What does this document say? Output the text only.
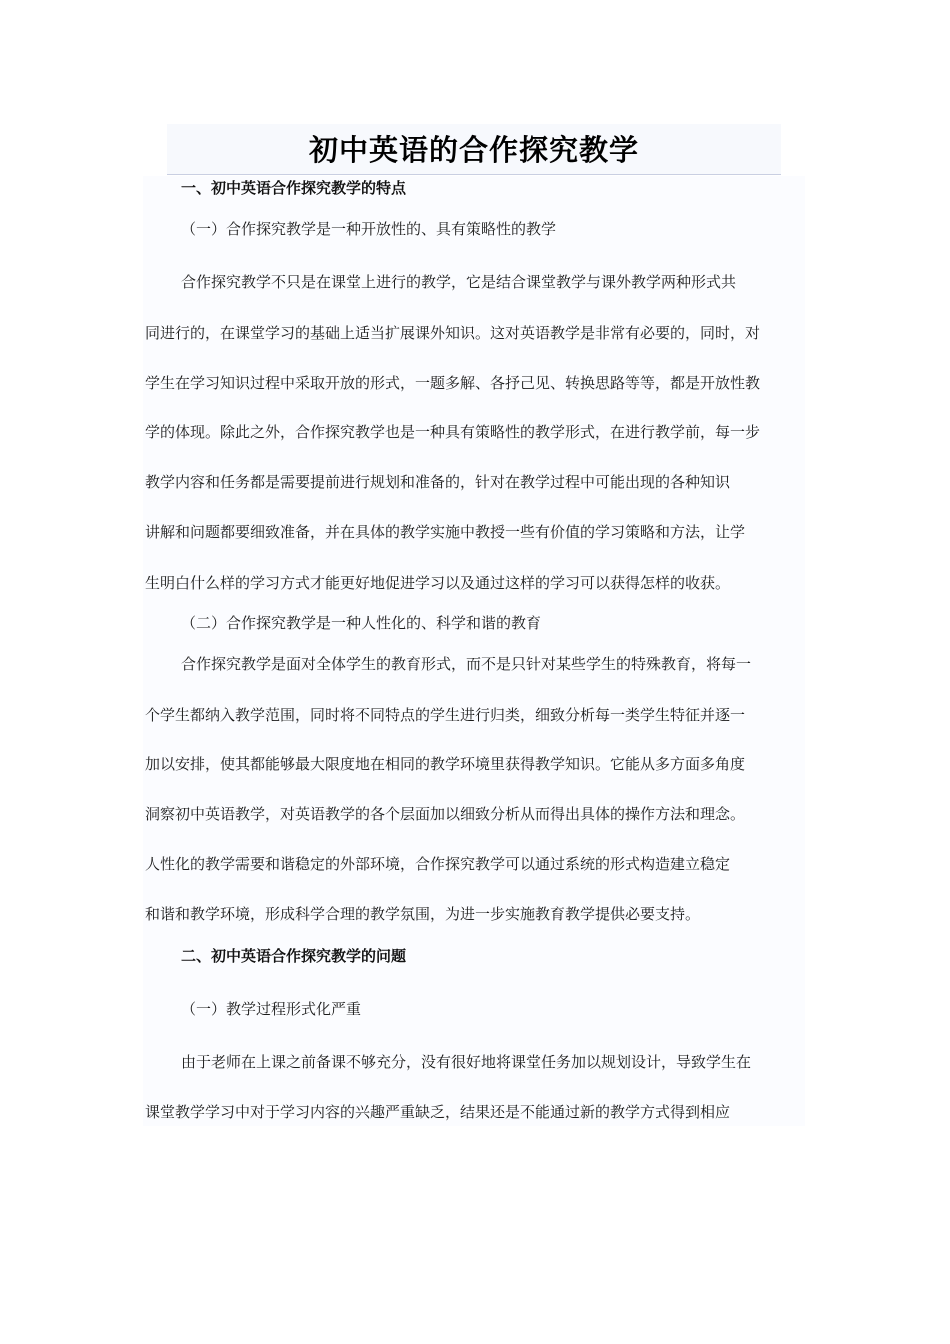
初中英语的合作探究教学
一、初中英语合作探究教学的特点
（一）合作探究教学是一种开放性的、具有策略性的教学
合作探究教学不只是在课堂上进行的教学，它是结合课堂教学与课外教学两种形式共
同进行的，在课堂学习的基础上适当扩展课外知识。这对英语教学是非常有必要的，同时，对
学生在学习知识过程中采取开放的形式，一题多解、各抒己见、转换思路等等，都是开放性教
学的体现。除此之外，合作探究教学也是一种具有策略性的教学形式，在进行教学前，每一步
教学内容和任务都是需要提前进行规划和准备的，针对在教学过程中可能出现的各种知识
讲解和问题都要细致准备，并在具体的教学实施中教授一些有价值的学习策略和方法，让学
生明白什么样的学习方式才能更好地促进学习以及通过这样的学习可以获得怎样的收获。
（二）合作探究教学是一种人性化的、科学和谐的教育
合作探究教学是面对全体学生的教育形式，而不是只针对某些学生的特殊教育，将每一
个学生都纳入教学范围，同时将不同特点的学生进行归类，细致分析每一类学生特征并逐一
加以安排，使其都能够最大限度地在相同的教学环境里获得教学知识。它能从多方面多角度
洞察初中英语教学，对英语教学的各个层面加以细致分析从而得出具体的操作方法和理念。
人性化的教学需要和谐稳定的外部环境，合作探究教学可以通过系统的形式构造建立稳定
和谐和教学环境，形成科学合理的教学氛围，为进一步实施教育教学提供必要支持。
二、初中英语合作探究教学的问题
（一）教学过程形式化严重
由于老师在上课之前备课不够充分，没有很好地将课堂任务加以规划设计，导致学生在
课堂教学学习中对于学习内容的兴趣严重缺乏，结果还是不能通过新的教学方式得到相应
